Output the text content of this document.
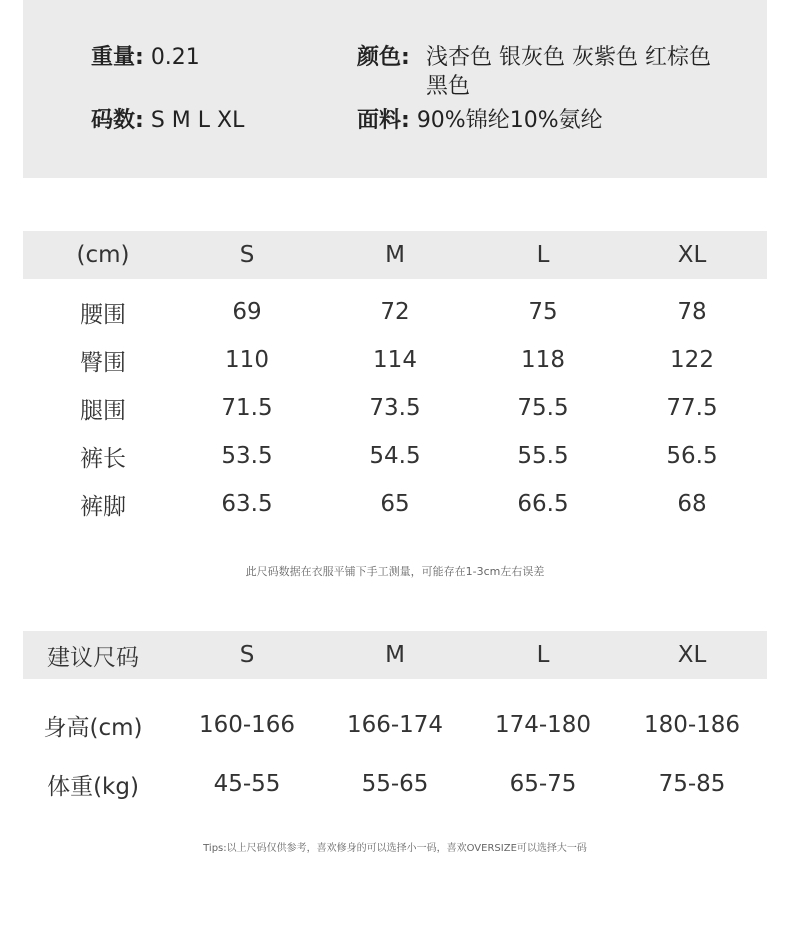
重量: 0.21
码数: S M L XL
颜色: 浅杏色 银灰色 灰紫色 红棕色 黑色
面料: 90%锦纶10%氨纶
(cm)	S	M	L	XL
腰围	69	72	75	78
臀围	110	114	118	122
腿围	71.5	73.5	75.5	77.5
裤长	53.5	54.5	55.5	56.5
裤脚	63.5	65	66.5	68
此尺码数据在衣服平铺下手工测量，可能存在1-3cm左右误差
建议尺码	S	M	L	XL
身高(cm)	160-166	166-174	174-180	180-186
体重(kg)	45-55	55-65	65-75	75-85
Tips:以上尺码仅供参考，喜欢修身的可以选择小一码，喜欢OVERSIZE可以选择大一码
